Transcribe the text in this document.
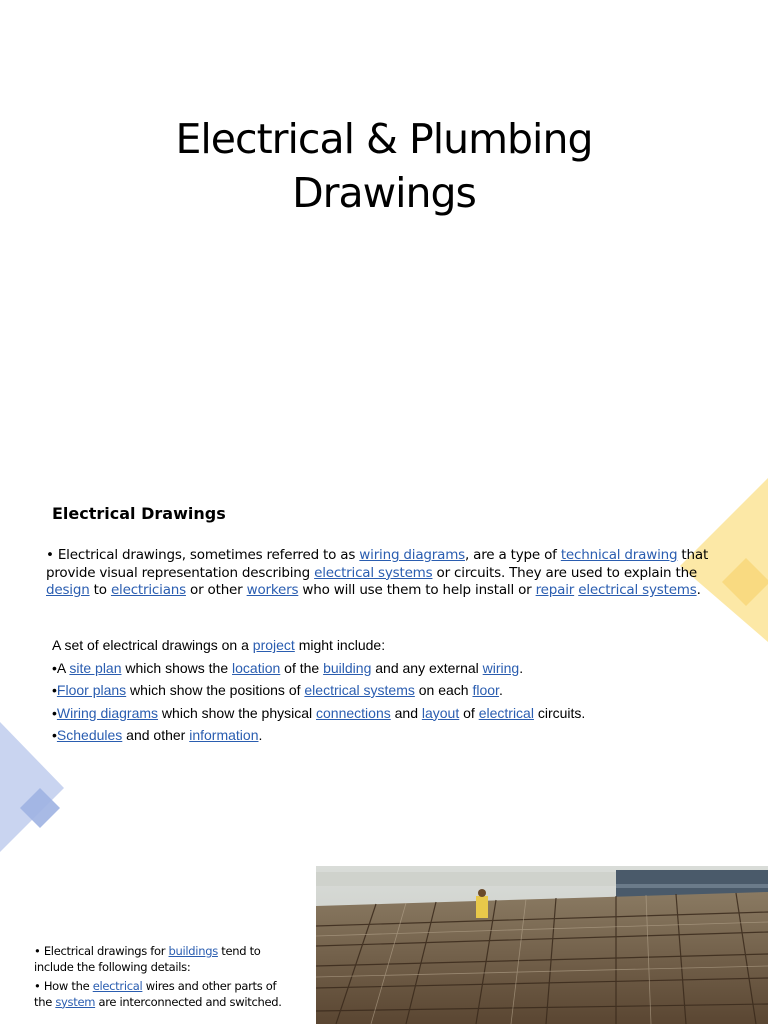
Electrical & Plumbing
Drawings
Electrical Drawings

• Electrical drawings, sometimes referred to as wiring diagrams, are a type of technical drawing that provide visual representation describing electrical systems or circuits. They are used to explain the design to electricians or other workers who will use them to help install or repair electrical systems.

A set of electrical drawings on a project might include:

•A site plan which shows the location of the building and any external wiring.

•Floor plans which show the positions of electrical systems on each floor.

•Wiring diagrams which show the physical connections and layout of electrical circuits.

•Schedules and other information.

• Electrical drawings for buildings tend to include the following details:

• How the electrical wires and other parts of the system are interconnected and switched.
